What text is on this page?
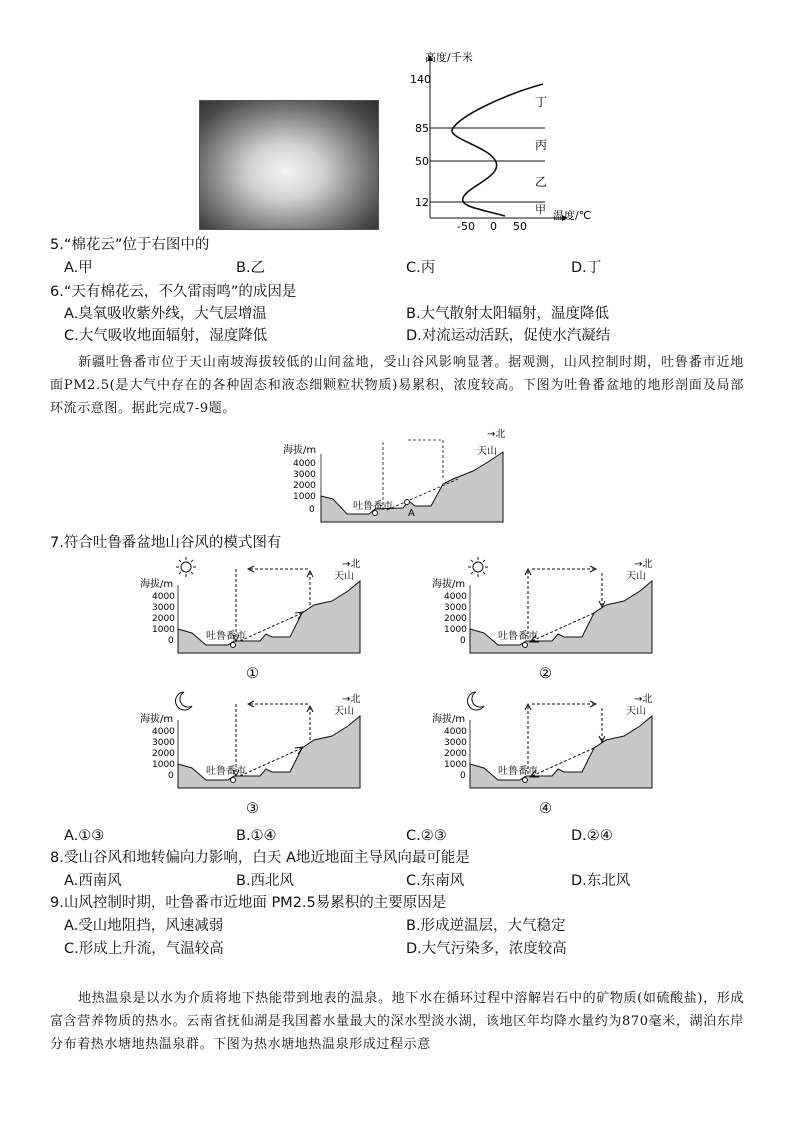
高度/千米
140
85
50
12
丁
丙
乙
甲 温度/℃
-50 0 50
5.“棉花云”位于右图中的
A.甲	B.乙	C.丙	D.丁
6.“天有棉花云，不久雷雨鸣”的成因是
A.臭氧吸收紫外线，大气层增温	B.大气散射太阳辐射，温度降低
C.大气吸收地面辐射，湿度降低	D.对流运动活跃，促使水汽凝结
新疆吐鲁番市位于天山南坡海拔较低的山间盆地，受山谷风影响显著。据观测，山风控制时期，吐鲁番市近地面PM2.5(是大气中存在的各种固态和液态细颗粒状物质)易累积，浓度较高。下图为吐鲁番盆地的地形剖面及局部环流示意图。据此完成7-9题。
海拔/m
4000
3000
2000
1000
0	吐鲁番市
A
天山
→北
7.符合吐鲁番盆地山谷风的模式图有
海拔/m
4000
3000
2000
1000
0	吐鲁番市
天山
→北
①
海拔/m
4000
3000
2000
1000
0	吐鲁番市
天山
→北
②
海拔/m
4000
3000
2000
1000
0	吐鲁番市
天山
→北
③
海拔/m
4000
3000
2000
1000
0	吐鲁番市
天山
→北
④
A.①③	B.①④	C.②③	D.②④
8.受山谷风和地转偏向力影响，白天 A地近地面主导风向最可能是
A.西南风	B.西北风	C.东南风	D.东北风
9.山风控制时期，吐鲁番市近地面 PM2.5易累积的主要原因是
A.受山地阻挡，风速减弱	B.形成逆温层，大气稳定
C.形成上升流，气温较高	D.大气污染多，浓度较高
地热温泉是以水为介质将地下热能带到地表的温泉。地下水在循环过程中溶解岩石中的矿物质(如硫酸盐)，形成富含营养物质的热水。云南省抚仙湖是我国蓄水量最大的深水型淡水湖，该地区年均降水量约为870毫米，湖泊东岸分布着热水塘地热温泉群。下图为热水塘地热温泉形成过程示意
